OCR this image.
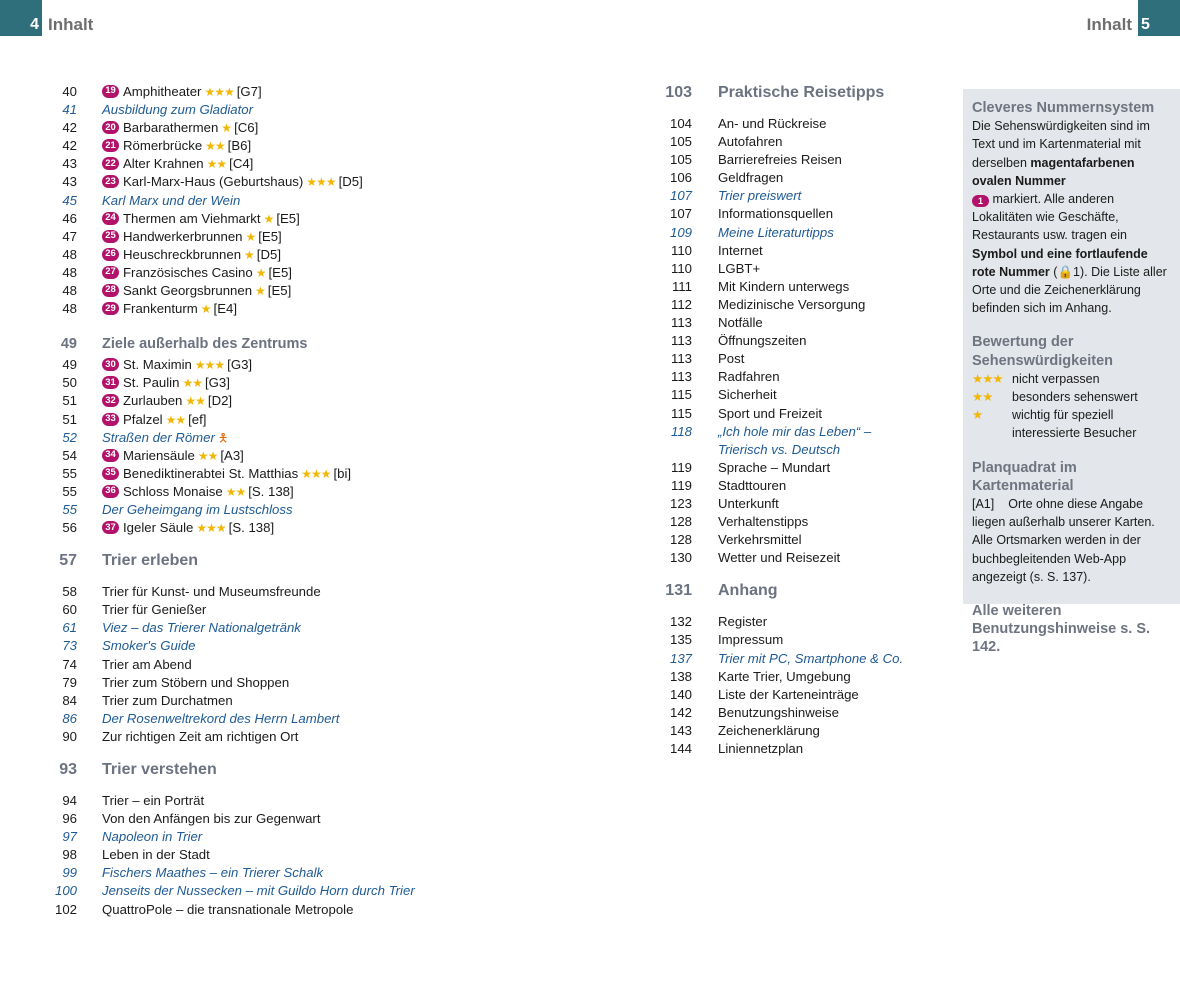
4 Inhalt	Inhalt 5
40	19 Amphitheater ★★★ [G7]
41 Ausbildung zum Gladiator
42	20 Barbarathermen ★ [C6]
42	21 Römerbrücke ★★ [B6]
43	22 Alter Krahnen ★★ [C4]
43	23 Karl-Marx-Haus (Geburtshaus) ★★★ [D5]
45 Karl Marx und der Wein
46	24 Thermen am Viehmarkt ★ [E5]
47	25 Handwerkerbrunnen ★ [E5]
48	26 Heuschreckbrunnen ★ [D5]
48	27 Französisches Casino ★ [E5]
48	28 Sankt Georgsbrunnen ★ [E5]
48	29 Frankenturm ★ [E4]
49 Ziele außerhalb des Zentrums
49	30 St. Maximin ★★★ [G3]
50	31 St. Paulin ★★ [G3]
51	32 Zurlauben ★★ [D2]
51	33 Pfalzel ★★ [ef]
52 Straßen der Römer 🯅
54	34 Mariensäule ★★ [A3]
55	35 Benediktinerabtei St. Matthias ★★★ [bi]
55	36 Schloss Monaise ★★ [S. 138]
55 Der Geheimgang im Lustschloss
56	37 Igeler Säule ★★★ [S. 138]
57 Trier erleben
58 Trier für Kunst- und Museumsfreunde
60 Trier für Genießer
61 Viez – das Trierer Nationalgetränk
73 Smoker's Guide
74 Trier am Abend
79 Trier zum Stöbern und Shoppen
84 Trier zum Durchatmen
86 Der Rosenweltrekord des Herrn Lambert
90 Zur richtigen Zeit am richtigen Ort
93 Trier verstehen
94 Trier – ein Porträt
96 Von den Anfängen bis zur Gegenwart
97 Napoleon in Trier
98 Leben in der Stadt
99 Fischers Maathes – ein Trierer Schalk
100 Jenseits der Nussecken – mit Guildo Horn durch Trier
102 QuattroPole – die transnationale Metropole
103 Praktische Reisetipps
104 An- und Rückreise
105 Autofahren
105 Barrierefreies Reisen
106 Geldfragen
107 Trier preiswert
107 Informationsquellen
109 Meine Literaturtipps
110 Internet
110 LGBT+
111 Mit Kindern unterwegs
112 Medizinische Versorgung
113 Notfälle
113 Öffnungszeiten
113 Post
113 Radfahren
115 Sicherheit
115 Sport und Freizeit
118 „Ich hole mir das Leben“ –
Trierisch vs. Deutsch
119 Sprache – Mundart
119 Stadttouren
123 Unterkunft
128 Verhaltenstipps
128 Verkehrsmittel
130 Wetter und Reisezeit
131 Anhang
132 Register
135 Impressum
137 Trier mit PC, Smartphone & Co.
138 Karte Trier, Umgebung
140 Liste der Karteneinträge
142 Benutzungshinweise
143 Zeichenerklärung
144 Liniennetzplan
Cleveres Nummernsystem

Die Sehenswürdigkeiten sind im Text und im Kartenmaterial mit derselben magentafarbenen ovalen Nummer
1 markiert. Alle anderen Lokalitäten wie Geschäfte, Restaurants usw. tragen ein Symbol und eine fortlaufende rote Nummer (🔒1). Die Liste aller Orte und die Zeichenerklärung befinden sich im Anhang.

Bewertung der Sehenswürdigkeiten
★★★ nicht verpassen
★★	besonders sehenswert
★	wichtig für speziell interessierte Besucher
Planquadrat im Kartenmaterial

[A1] Orte ohne diese Angabe liegen außerhalb unserer Karten. Alle Ortsmarken werden in der buchbegleitenden Web-App angezeigt (s. S. 137).

Alle weiteren Benutzungshinweise s. S. 142.
